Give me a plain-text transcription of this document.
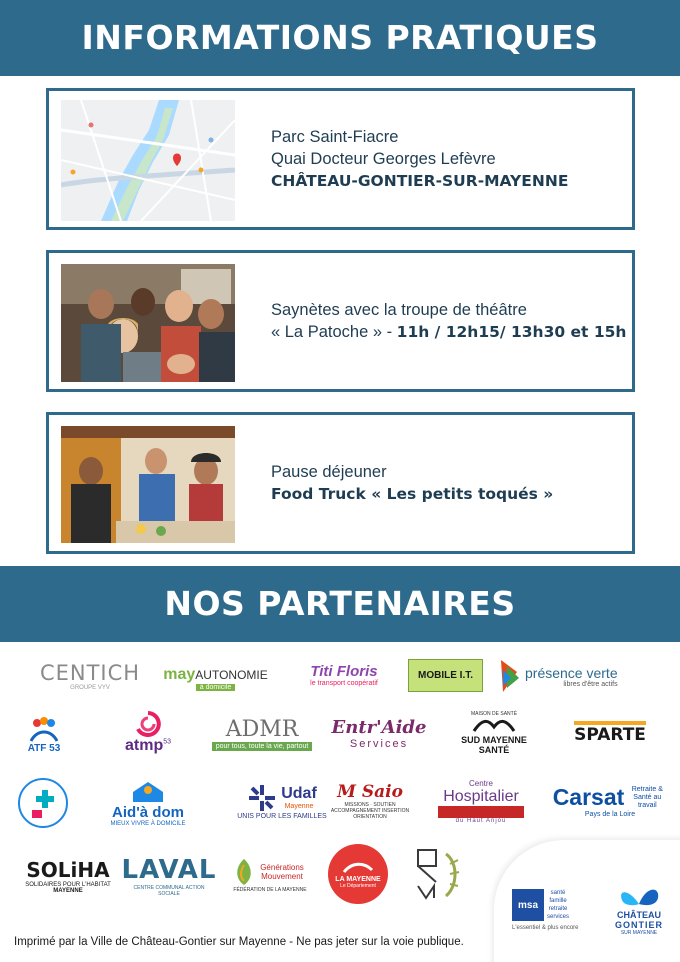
INFORMATIONS PRATIQUES
Parc Saint-Fiacre
Quai Docteur Georges Lefèvre
CHÂTEAU-GONTIER-SUR-MAYENNE
Saynètes avec la troupe de théâtre
« La Patoche » - 11h / 12h15/ 13h30 et 15h
Pause déjeuner
Food Truck « Les petits toqués »
NOS PARTENAIRES
CENTICH
GROUPE VYV
mayAUTONOMIE
à domicile
Titi Floris
le transport coopératif
MOBILE I.T.	présence verte
libres d'être actifs
ATF 53	atmp$^{53}$
ADMR
pour tous, toute la vie, partout
Entr'Aide
Services
MAISON DE SANTÉ
SUD MAYENNE SANTÉ
SPARTE
Aid'à dom
MIEUX VIVRE À DOMICILE
Udaf
Mayenne
UNIS POUR LES FAMILLES
M Saio
MISSIONS · SOUTIEN ACCOMPAGNEMENT INSERTION ORIENTATION
Centre
Hospitalier
du Haut Anjou
Carsat	Retraite & Santé au travail
Pays de la Loire
SOLiHA
SOLIDAIRES POUR L'HABITAT
MAYENNE
LAVAL
CENTRE COMMUNAL ACTION SOCIALE
Générations Mouvement
FÉDÉRATION DE LA MAYENNE
LA MAYENNE
Le Département
msa
santé
famille
retraite
services
L'essentiel & plus encore
CHÂTEAU
GONTIER
SUR MAYENNE
Imprimé par la Ville de Château-Gontier sur Mayenne - Ne pas jeter sur la voie publique.
